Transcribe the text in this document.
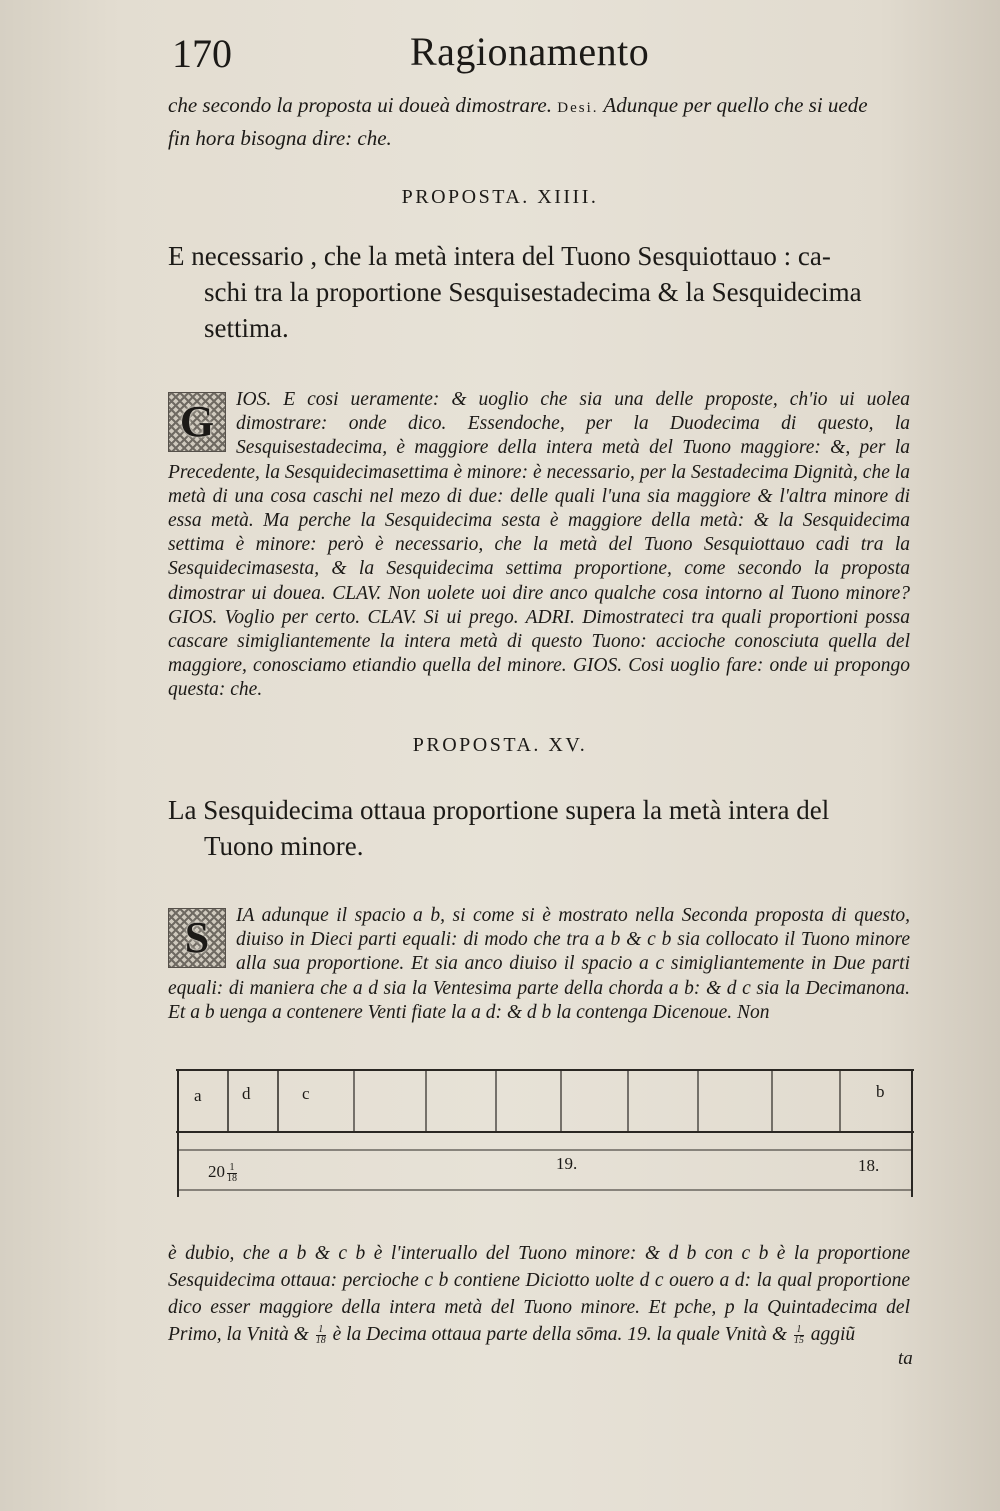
170	Ragionamento
che secondo la proposta ui doueà dimostrare. Desi. Adunque per quello che si uede
fin hora bisogna dire: che.
PROPOSTA. XIIII.
E necessario , che la metà intera del Tuono Sesquiottauo : ca-
schi tra la proportione Sesquisestadecima & la Sesquidecima settima.
G	IOS. E cosi ueramente: & uoglio che sia una delle proposte, ch'io ui uolea dimostrare: onde dico. Essendoche, per la Duodecima di questo, la Sesquisestadecima, è maggiore della intera metà del Tuono maggiore: &, per la Precedente, la Sesquidecimasettima è minore: è necessario, per la Sestadecima Dignità, che la metà di una cosa caschi nel mezo di due: delle quali l'una sia maggiore & l'altra minore di essa metà. Ma perche la Sesquidecima sesta è maggiore della metà: & la Sesquidecima settima è minore: però è necessario, che la metà del Tuono Sesquiottauo cadi tra la Sesquidecimasesta, & la Sesquidecima settima proportione, come secondo la proposta dimostrar ui douea. CLAV. Non uolete uoi dire anco qualche cosa intorno al Tuono minore? GIOS. Voglio per certo. CLAV. Si ui prego. ADRI. Dimostrateci tra quali proportioni possa cascare simigliantemente la intera metà di questo Tuono: accioche conosciuta quella del maggiore, conosciamo etiandio quella del minore. GIOS. Cosi uoglio fare: onde ui propongo questa: che.
PROPOSTA. XV.
La Sesquidecima ottaua proportione supera la metà intera del
Tuono minore.
S	IA adunque il spacio a b, si come si è mostrato nella Seconda proposta di questo, diuiso in Dieci parti equali: di modo che tra a b & c b sia collocato il Tuono minore alla sua proportione. Et sia anco diuiso il spacio a c simigliantemente in Due parti equali: di maniera che a d sia la Ventesima parte della chorda a b: & d c sia la Decimanona. Et a b uenga a contenere Venti fiate la a d: & d b la contenga Dicenoue. Non
a d	c	b
$20 \frac{1}{18}$	19.	18.
è dubio, che a b & c b è l'interuallo del Tuono minore: & d b con c b è la proportione Sesquidecima ottaua: percioche c b contiene Diciotto uolte d c ouero a d: la qual proportione dico esser maggiore della intera metà del Tuono minore. Et pche, p la Quintadecima del Primo, la Vnità & $\frac{1}{18}$ è la Decima ottaua parte della sōma. 19. la quale Vnità & $\frac{1}{15}$ aggiũ
ta
